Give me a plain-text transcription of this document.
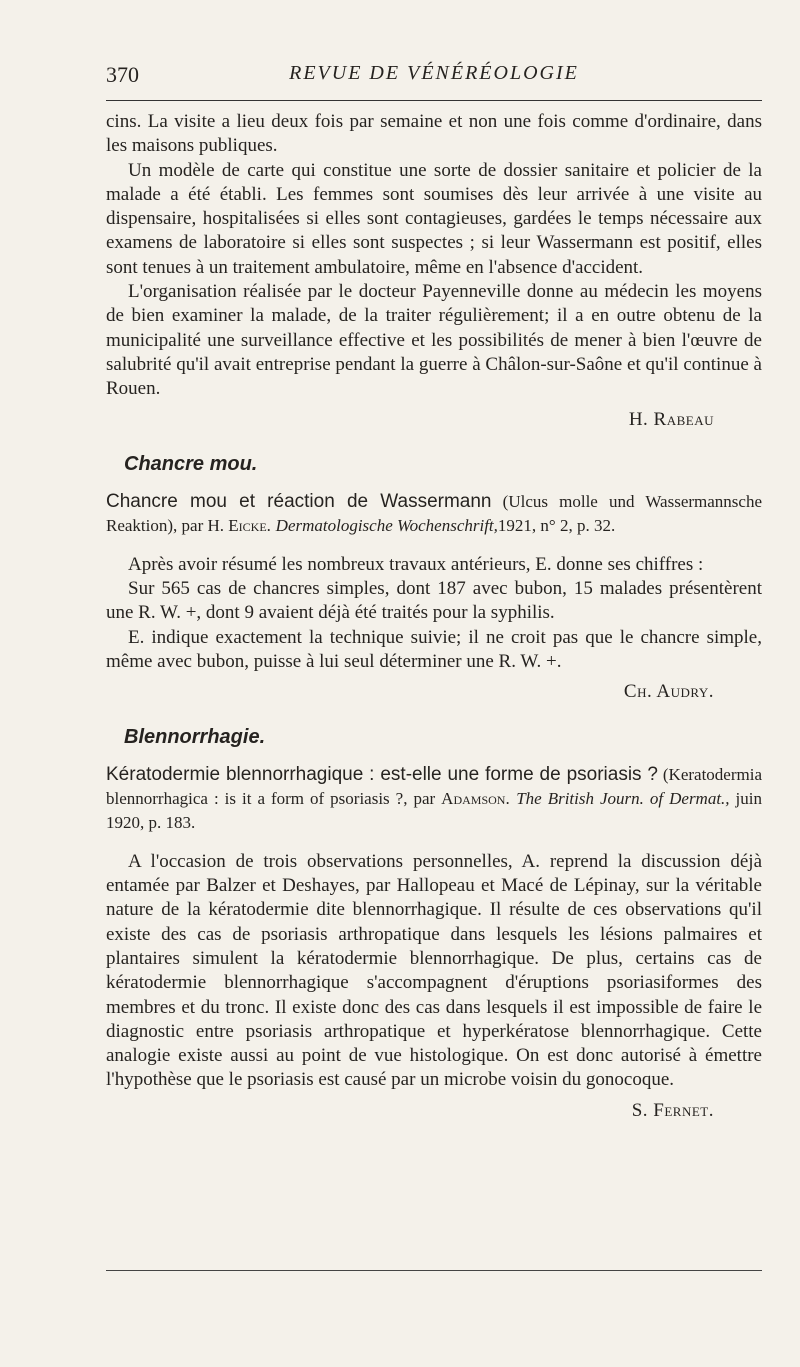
370	REVUE DE VÉNÉRÉOLOGIE

cins. La visite a lieu deux fois par semaine et non une fois comme d'ordinaire, dans les maisons publiques.

Un modèle de carte qui constitue une sorte de dossier sanitaire et policier de la malade a été établi. Les femmes sont soumises dès leur arrivée à une visite au dispensaire, hospitalisées si elles sont contagieuses, gardées le temps nécessaire aux examens de laboratoire si elles sont suspectes ; si leur Wassermann est positif, elles sont tenues à un traitement ambulatoire, même en l'absence d'accident.

L'organisation réalisée par le docteur Payenneville donne au médecin les moyens de bien examiner la malade, de la traiter régulièrement; il a en outre obtenu de la municipalité une surveillance effective et les possibilités de mener à bien l'œuvre de salubrité qu'il avait entreprise pendant la guerre à Châlon-sur-Saône et qu'il continue à Rouen.

H. Rabeau
Chancre mou.

Chancre mou et réaction de Wassermann (Ulcus molle und Wassermannsche Reaktion), par H. Eicke. Dermatologische Wochenschrift,1921, n° 2, p. 32.

Après avoir résumé les nombreux travaux antérieurs, E. donne ses chiffres :

Sur 565 cas de chancres simples, dont 187 avec bubon, 15 malades présentèrent une R. W. +, dont 9 avaient déjà été traités pour la syphilis.

E. indique exactement la technique suivie; il ne croit pas que le chancre simple, même avec bubon, puisse à lui seul déterminer une R. W. +.

Ch. Audry.
Blennorrhagie.

Kératodermie blennorrhagique : est-elle une forme de psoriasis ? (Keratodermia blennorrhagica : is it a form of psoriasis ?, par Adamson. The British Journ. of Dermat., juin 1920, p. 183.

A l'occasion de trois observations personnelles, A. reprend la discussion déjà entamée par Balzer et Deshayes, par Hallopeau et Macé de Lépinay, sur la véritable nature de la kératodermie dite blennorrhagique. Il résulte de ces observations qu'il existe des cas de psoriasis arthropatique dans lesquels les lésions palmaires et plantaires simulent la kératodermie blennorrhagique. De plus, certains cas de kératodermie blennorrhagique s'accompagnent d'éruptions psoriasiformes des membres et du tronc. Il existe donc des cas dans lesquels il est impossible de faire le diagnostic entre psoriasis arthropatique et hyperkératose blennorrhagique. Cette analogie existe aussi au point de vue histologique. On est donc autorisé à émettre l'hypothèse que le psoriasis est causé par un microbe voisin du gonocoque.

S. Fernet.
